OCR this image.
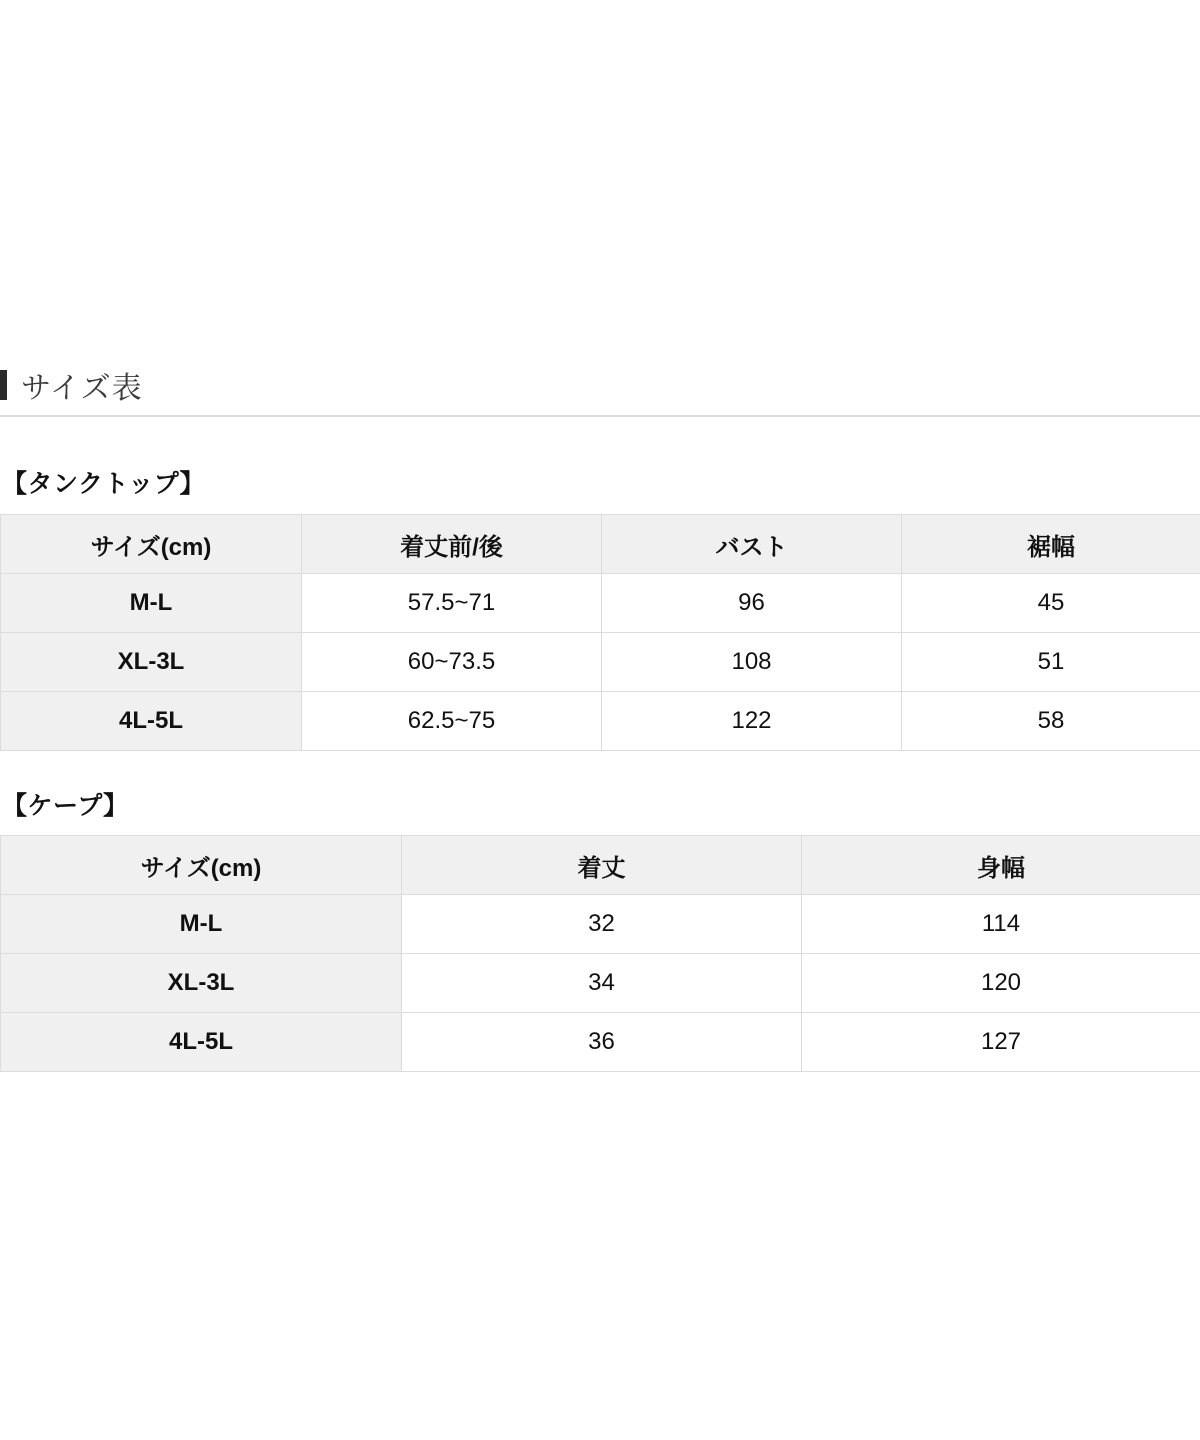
サイズ表
【タンクトップ】
サイズ(cm)	着丈前/後	バスト	裾幅
M-L	57.5~71	96	45
XL-3L	60~73.5	108	51
4L-5L	62.5~75	122	58
【ケープ】
サイズ(cm)	着丈	身幅
M-L	32	114
XL-3L	34	120
4L-5L	36	127
